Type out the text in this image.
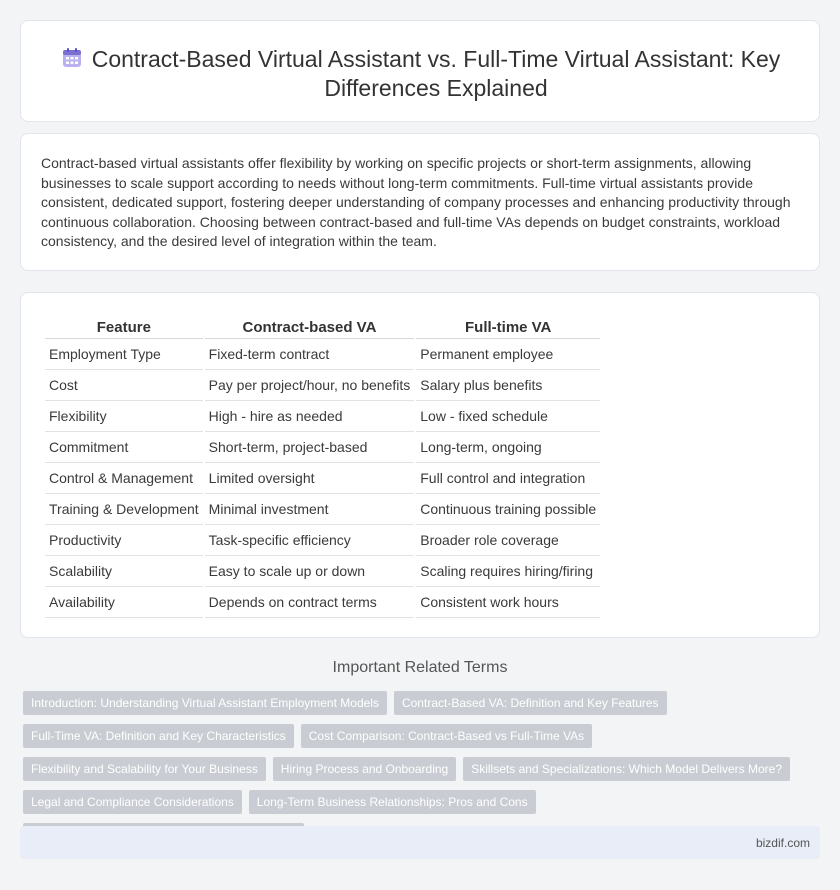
Contract-Based Virtual Assistant vs. Full-Time Virtual Assistant: Key Differences Explained

Contract-based virtual assistants offer flexibility by working on specific projects or short-term assignments, allowing businesses to scale support according to needs without long-term commitments. Full-time virtual assistants provide consistent, dedicated support, fostering deeper understanding of company processes and enhancing productivity through continuous collaboration. Choosing between contract-based and full-time VAs depends on budget constraints, workload consistency, and the desired level of integration within the team.

Feature	Contract-based VA	Full-time VA
Employment Type	Fixed-term contract	Permanent employee
Cost	Pay per project/hour, no benefits	Salary plus benefits
Flexibility	High - hire as needed	Low - fixed schedule
Commitment	Short-term, project-based	Long-term, ongoing
Control & Management	Limited oversight	Full control and integration
Training & Development	Minimal investment	Continuous training possible
Productivity	Task-specific efficiency	Broader role coverage
Scalability	Easy to scale up or down	Scaling requires hiring/firing
Availability	Depends on contract terms	Consistent work hours
Important Related Terms
Introduction: Understanding Virtual Assistant Employment Models	Contract-Based VA: Definition and Key Features
Full-Time VA: Definition and Key Characteristics	Cost Comparison: Contract-Based vs Full-Time VAs
Flexibility and Scalability for Your Business	Hiring Process and Onboarding	Skillsets and Specializations: Which Model Delivers More?
Legal and Compliance Considerations	Long-Term Business Relationships: Pros and Cons
bizdif.com
